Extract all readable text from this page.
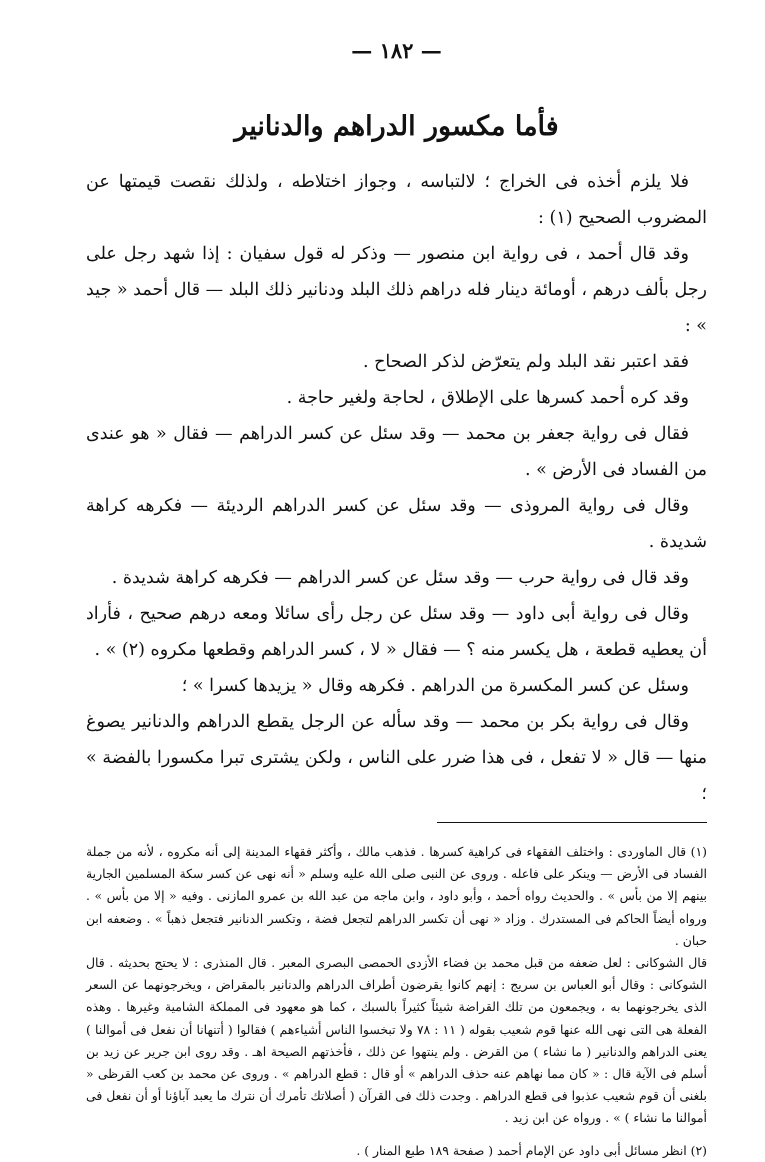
— ١٨٢ —
فأما مكسور الدراهم والدنانير

فلا يلزم أخذه فى الخراج ؛ لالتباسه ، وجواز اختلاطه ، ولذلك نقصت قيمتها عن المضروب الصحيح (١) :

وقد قال أحمد ، فى رواية ابن منصور — وذكر له قول سفيان : إذا شهد رجل على رجل بألف درهم ، أومائة دينار فله دراهم ذلك البلد ودنانير ذلك البلد — قال أحمد « جيد » :

فقد اعتبر نقد البلد ولم يتعرّض لذكر الصحاح .

وقد كره أحمد كسرها على الإطلاق ، لحاجة ولغير حاجة .

فقال فى رواية جعفر بن محمد — وقد سئل عن كسر الدراهم — فقال « هو عندى من الفساد فى الأرض » .

وقال فى رواية المروذى — وقد سئل عن كسر الدراهم الرديئة — فكرهه كراهة شديدة .

وقد قال فى رواية حرب — وقد سئل عن كسر الدراهم — فكرهه كراهة شديدة .

وقال فى رواية أبى داود — وقد سئل عن رجل رأى سائلا ومعه درهم صحيح ، فأراد أن يعطيه قطعة ، هل يكسر منه ؟ — فقال « لا ، كسر الدراهم وقطعها مكروه (٢) » .

وسئل عن كسر المكسرة من الدراهم . فكرهه وقال « يزيدها كسرا » ؛

وقال فى رواية بكر بن محمد — وقد سأله عن الرجل يقطع الدراهم والدنانير يصوغ منها — قال « لا تفعل ، فى هذا ضرر على الناس ، ولكن يشترى تبرا مكسورا بالفضة » ؛

(١) قال الماوردى : واختلف الفقهاء فى كراهية كسرها . فذهب مالك ، وأكثر فقهاء المدينة إلى أنه مكروه ، لأنه من جملة الفساد فى الأرض — وينكر على فاعله . وروى عن النبى صلى الله عليه وسلم « أنه نهى عن كسر سكة المسلمين الجارية بينهم إلا من بأس » . والحديث رواه أحمد ، وأبو داود ، وابن ماجه من عبد الله بن عمرو المازنى . وفيه « إلا من بأس » . ورواه أيضاً الحاكم فى المستدرك . وزاد « نهى أن تكسر الدراهم لتجعل فضة ، وتكسر الدنانير فتجعل ذهباً » . وضعفه ابن حبان .

قال الشوكانى : لعل ضعفه من قبل محمد بن فضاء الأزدى الحمصى البصرى المعبر . قال المنذرى : لا يحتج بحديثه . قال الشوكانى : وقال أبو العباس بن سريج : إنهم كانوا يقرضون أطراف الدراهم والدنانير بالمقراض ، ويخرجونهما عن السعر الذى يخرجونهما به ، ويجمعون من تلك القراضة شيئاً كثيراً بالسبك ، كما هو معهود فى المملكة الشامية وغيرها . وهذه الفعلة هى التى نهى الله عنها قوم شعيب بقوله ( ١١ : ٧٨ ولا تبخسوا الناس أشياءهم ) فقالوا ( أتنهانا أن نفعل فى أموالنا ) يعنى الدراهم والدنانير ( ما نشاء ) من القرض . ولم ينتهوا عن ذلك ، فأخذتهم الصيحة اهـ . وقد روى ابن جرير عن زيد بن أسلم فى الآية قال : « كان مما نهاهم عنه حذف الدراهم » أو قال : قطع الدراهم » . وروى عن محمد بن كعب القرظى « بلغنى أن قوم شعيب عذبوا فى قطع الدراهم . وجدت ذلك فى القرآن ( أصلاتك تأمرك أن نترك ما يعبد آباؤنا أو أن نفعل فى أموالنا ما نشاء ) » . ورواه عن ابن زيد .

(٢) انظر مسائل أبى داود عن الإمام أحمد ( صفحة ١٨٩ طبع المنار ) .
